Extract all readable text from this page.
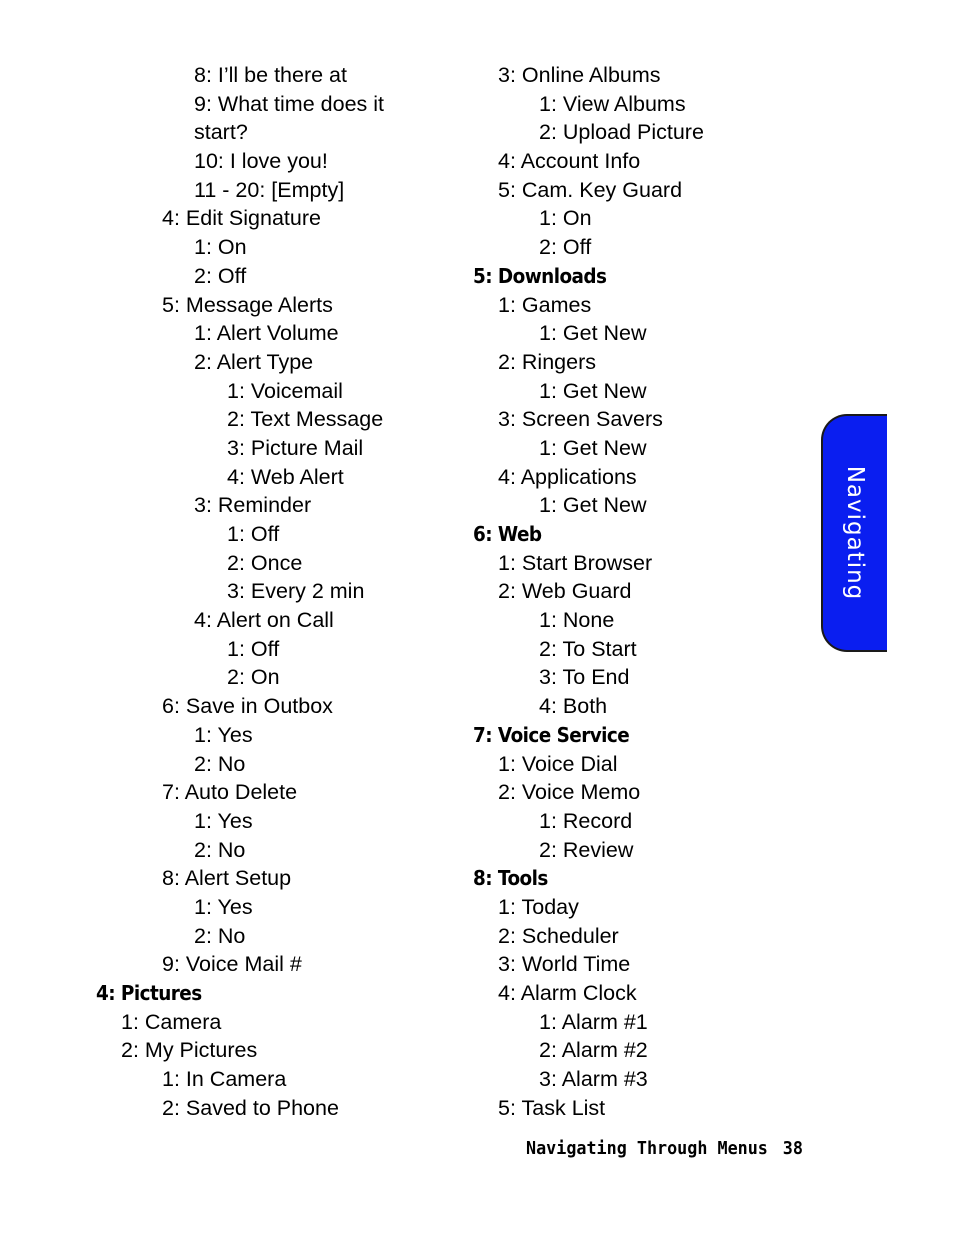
8: I’ll be there at
9: What time does it start?
10: I love you!
11 - 20: [Empty]
4: Edit Signature
1: On
2: Off
5: Message Alerts
1: Alert Volume
2: Alert Type
1: Voicemail
2: Text Message
3: Picture Mail
4: Web Alert
3: Reminder
1: Off
2: Once
3: Every 2 min
4: Alert on Call
1: Off
2: On
6: Save in Outbox
1: Yes
2: No
7: Auto Delete
1: Yes
2: No
8: Alert Setup
1: Yes
2: No
9: Voice Mail #
4: Pictures
1: Camera
2: My Pictures
1: In Camera
2: Saved to Phone
3: Online Albums
1: View Albums
2: Upload Picture
4: Account Info
5: Cam. Key Guard
1: On
2: Off
5: Downloads
1: Games
1: Get New
2: Ringers
1: Get New
3: Screen Savers
1: Get New
4: Applications
1: Get New
6: Web
1: Start Browser
2: Web Guard
1: None
2: To Start
3: To End
4: Both
7: Voice Service
1: Voice Dial
2: Voice Memo
1: Record
2: Review
8: Tools
1: Today
2: Scheduler
3: World Time
4: Alarm Clock
1: Alarm #1
2: Alarm #2
3: Alarm #3
5: Task List
Navigating
Navigating Through Menus 38
